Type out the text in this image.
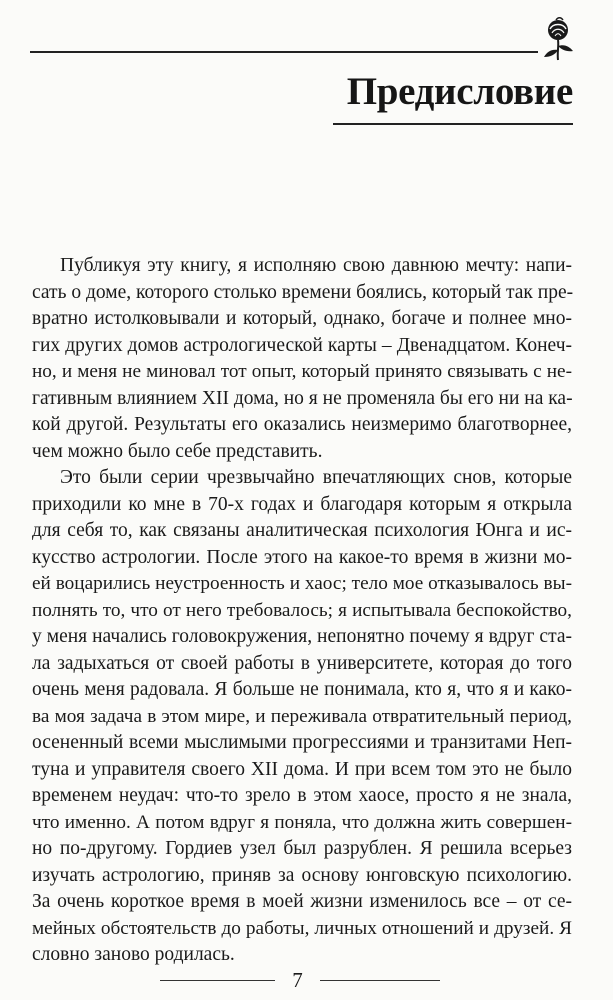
Предисловие
Публикуя эту книгу, я исполняю свою давнюю мечту: напи-
сать о доме, которого столько времени боялись, который так пре-
вратно истолковывали и который, однако, богаче и полнее мно-
гих других домов астрологической карты – Двенадцатом. Конеч-
но, и меня не миновал тот опыт, который принято связывать с не-
гативным влиянием XII дома, но я не променяла бы его ни на ка-
кой другой. Результаты его оказались неизмеримо благотворнее,
чем можно было себе представить.
Это были серии чрезвычайно впечатляющих снов, которые
приходили ко мне в 70-х годах и благодаря которым я открыла
для себя то, как связаны аналитическая психология Юнга и ис-
кусство астрологии. После этого на какое-то время в жизни мо-
ей воцарились неустроенность и хаос; тело мое отказывалось вы-
полнять то, что от него требовалось; я испытывала беспокойство,
у меня начались головокружения, непонятно почему я вдруг ста-
ла задыхаться от своей работы в университете, которая до того
очень меня радовала. Я больше не понимала, кто я, что я и како-
ва моя задача в этом мире, и переживала отвратительный период,
осененный всеми мыслимыми прогрессиями и транзитами Неп-
туна и управителя своего XII дома. И при всем том это не было
временем неудач: что-то зрело в этом хаосе, просто я не знала,
что именно. А потом вдруг я поняла, что должна жить совершен-
но по-другому. Гордиев узел был разрублен. Я решила всерьез
изучать астрологию, приняв за основу юнговскую психологию.
За очень короткое время в моей жизни изменилось все – от се-
мейных обстоятельств до работы, личных отношений и друзей. Я
словно заново родилась.
7
